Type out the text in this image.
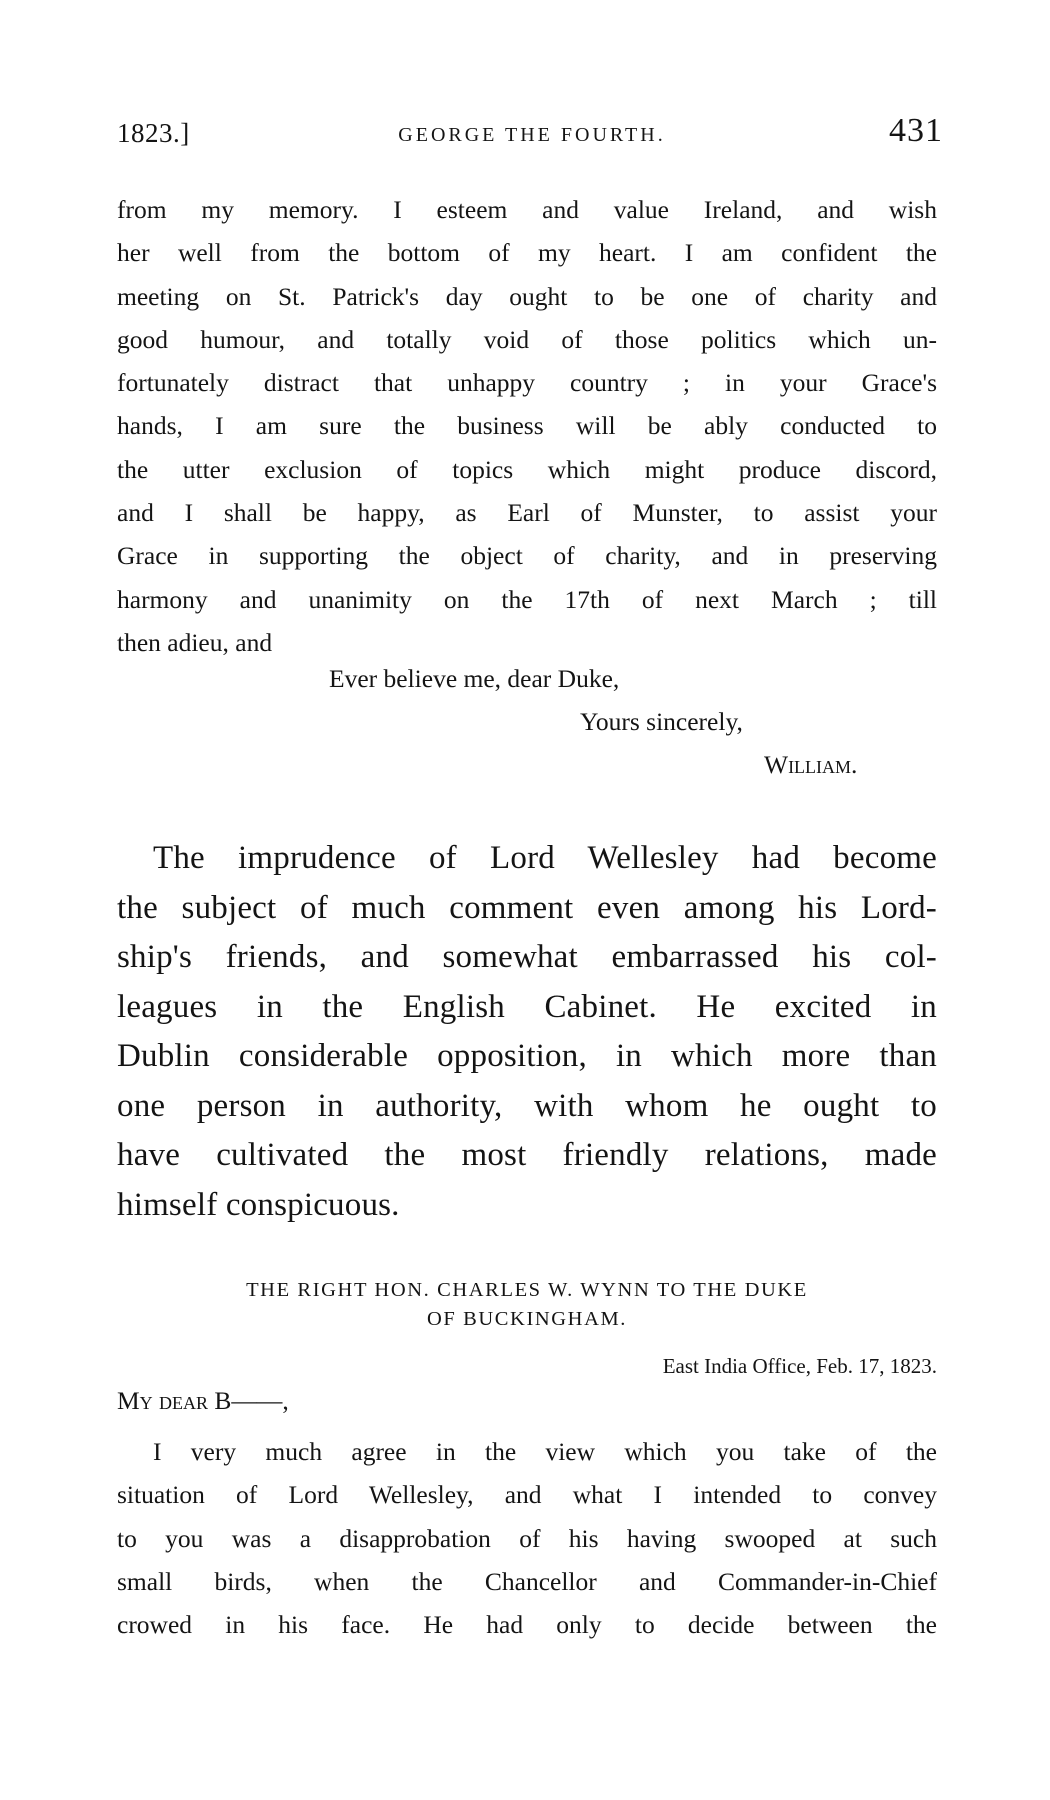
1823.]	GEORGE THE FOURTH.	431
from my memory. I esteem and value Ireland, and wish
her well from the bottom of my heart. I am confident the
meeting on St. Patrick's day ought to be one of charity and
good humour, and totally void of those politics which un-
fortunately distract that unhappy country ; in your Grace's
hands, I am sure the business will be ably conducted to
the utter exclusion of topics which might produce discord,
and I shall be happy, as Earl of Munster, to assist your
Grace in supporting the object of charity, and in preserving
harmony and unanimity on the 17th of next March ; till
then adieu, and
Ever believe me, dear Duke,
Yours sincerely,
William.
The imprudence of Lord Wellesley had become
the subject of much comment even among his Lord-
ship's friends, and somewhat embarrassed his col-
leagues in the English Cabinet. He excited in
Dublin considerable opposition, in which more than
one person in authority, with whom he ought to
have cultivated the most friendly relations, made
himself conspicuous.
THE RIGHT HON. CHARLES W. WYNN TO THE DUKE
OF BUCKINGHAM.
East India Office, Feb. 17, 1823.
My dear B——,
I very much agree in the view which you take of the
situation of Lord Wellesley, and what I intended to convey
to you was a disapprobation of his having swooped at such
small birds, when the Chancellor and Commander-in-Chief
crowed in his face. He had only to decide between the
